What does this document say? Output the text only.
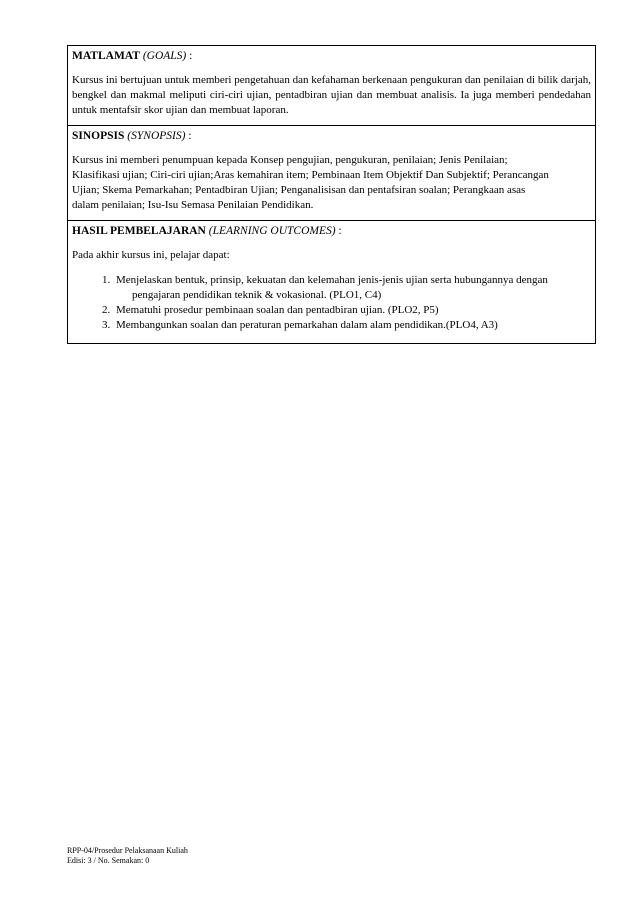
MATLAMAT (GOALS) :

Kursus ini bertujuan untuk memberi pengetahuan dan kefahaman berkenaan pengukuran dan penilaian di bilik darjah, bengkel dan makmal meliputi ciri-ciri ujian, pentadbiran ujian dan membuat analisis. Ia juga memberi pendedahan untuk mentafsir skor ujian dan membuat laporan.

SINOPSIS (SYNOPSIS) :

Kursus ini memberi penumpuan kepada Konsep pengujian, pengukuran, penilaian; Jenis Penilaian;
Klasifikasi ujian; Ciri-ciri ujian;Aras kemahiran item; Pembinaan Item Objektif Dan Subjektif; Perancangan
Ujian; Skema Pemarkahan; Pentadbiran Ujian; Penganalisisan dan pentafsiran soalan; Perangkaan asas
dalam penilaian; Isu-Isu Semasa Penilaian Pendidikan.

HASIL PEMBELAJARAN (LEARNING OUTCOMES) :

Pada akhir kursus ini, pelajar dapat:

1. Menjelaskan bentuk, prinsip, kekuatan dan kelemahan jenis-jenis ujian serta hubungannya dengan
pengajaran pendidikan teknik & vokasional. (PLO1, C4)
2. Mematuhi prosedur pembinaan soalan dan pentadbiran ujian. (PLO2, P5)
3. Membangunkan soalan dan peraturan pemarkahan dalam alam pendidikan.(PLO4, A3)
RPP-04/Prosedur Pelaksanaan Kuliah
Edisi: 3 / No. Semakan: 0
